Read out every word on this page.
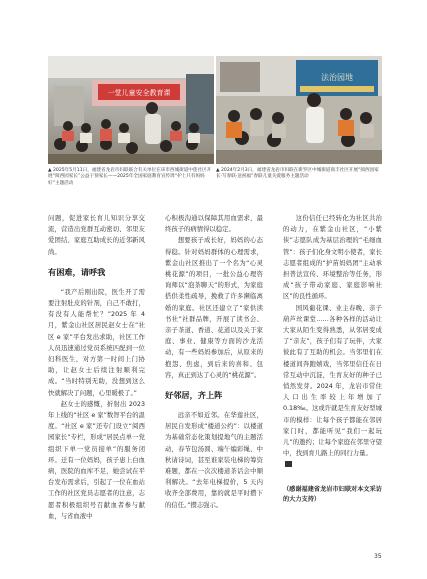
一堂儿童安全教育课
法治园地
▲ 2025年5月11日，福建省龙岩市妇联联合有关单位在该市西城街道中莲社区开展“阅西园家长”公益干预家长——2025年全国家庭教育宣传周“护上只有妈妈好”主题活动
▲ 2024年2月3日，福建省龙岩市妇联在新罗区中城街道商丰社区开展“阅西园家长·写春联·送祝福”春联儿童关爱服务主题活动

问题，促进家长育儿知识分享交流，营造出党群互动密切、邻里友爱团结、家庭互助成长的近邻新风尚。

有困难，请呼我

“我产后刚出院，医生开了需要注射肚皮的针剂，自己不敢打，有没有人能帮忙？”2025 年 4 月，紫金山社区居民赵女士在“社区 e 家”平台发出求助，社区工作人员迅速通过党员系统匹配到一位妇科医生，对方第一时间上门协助，让赵女士后续注射顺利完成。“当时特别无助，没想到这么快就解决了问题，心里暖极了。”

赵女士的感慨，折射出 2023 年上线的“社区 e 家”数智平台的温度。“社区 e 家”还专门设立“阅西园家长”专栏，形成“居民点单一党组织下单一党员接单”的服务闭环。迁有一位妈妈，孩子患上白血病，医院的血库不足，她尝试在平台发布需求后，引起了一位在血站工作的社区党员志愿者的注意，志愿者积极组织号召献血者参与献血，与省血液中

心积极沟通以保障其用血需求，最终孩子的病情得以稳定。

想要孩子成长好，妈妈的心态得稳。针对妈妈群体的心理需求，紫金山社区推出了一个名为“心灵桃花源”的项目，一批公益心理咨询师以“泡茶聊天”的形式，为家庭搭供柔性疏导，挽救了许多濒临离婚的家庭。社区还建立了“家供读书社”社群品牌，开展了读书会、亲子茶道、香道、花道以及关于家庭、事业、健康等方面的沙龙活动，有一些妈妈参加后，从原来的抱怨、焦虑，到后来的喜和、包容，真正到达了心灵的“桃花源”。

好邻居，齐上阵

远亲不如近邻。在华莲社区，居民自发形成“楼道公约”：以楼道为基础常态化策划提地气的主题活动，春节包汤圆、端午编彩绳、中秋请诗词，甚至谁家装电梯的筹资难题，都在一次次楼道茶话会中顺利解决。“去年电梯提价，5 天内收齐全部费用，靠的就是平时攒下的信任。”攒志强示。

这份信任已经转化为社区共治的动力，在紫金山社区，“小紫侠”志愿队成为基层治理的“毛细血管”：孩子们化身文明小使者，家长志愿者组成的“护苗妈妈团”主动承担普法宣传、环境整治等任务，形成“孩子带动家庭、家庭影响社区”的良性循环。

国风葡花课、业主春晚、亲子葫芦丝课堂……各种各样的活动让大家从陌生变得熟悉，从邻居变成了“亲友”，孩子们有了玩伴，大家彼此有了互助的机会。当邻里们在楼道间奔跑嬉戏，当邻里信任在日常互动中沉淀，生育友好的种子已悄然发芽。2024 年，龙岩市常住人口出生率较上年增加了 0.18‰。这或许就是生育友好型城市的模样：让每个孩子都能在邻居家门时，都能听见“我们一起玩儿”的邀约；让每个家庭在邻里守望中，找到育儿路上的同行力量。

（感谢福建省龙岩市妇联对本文采访的大力支持）

35
